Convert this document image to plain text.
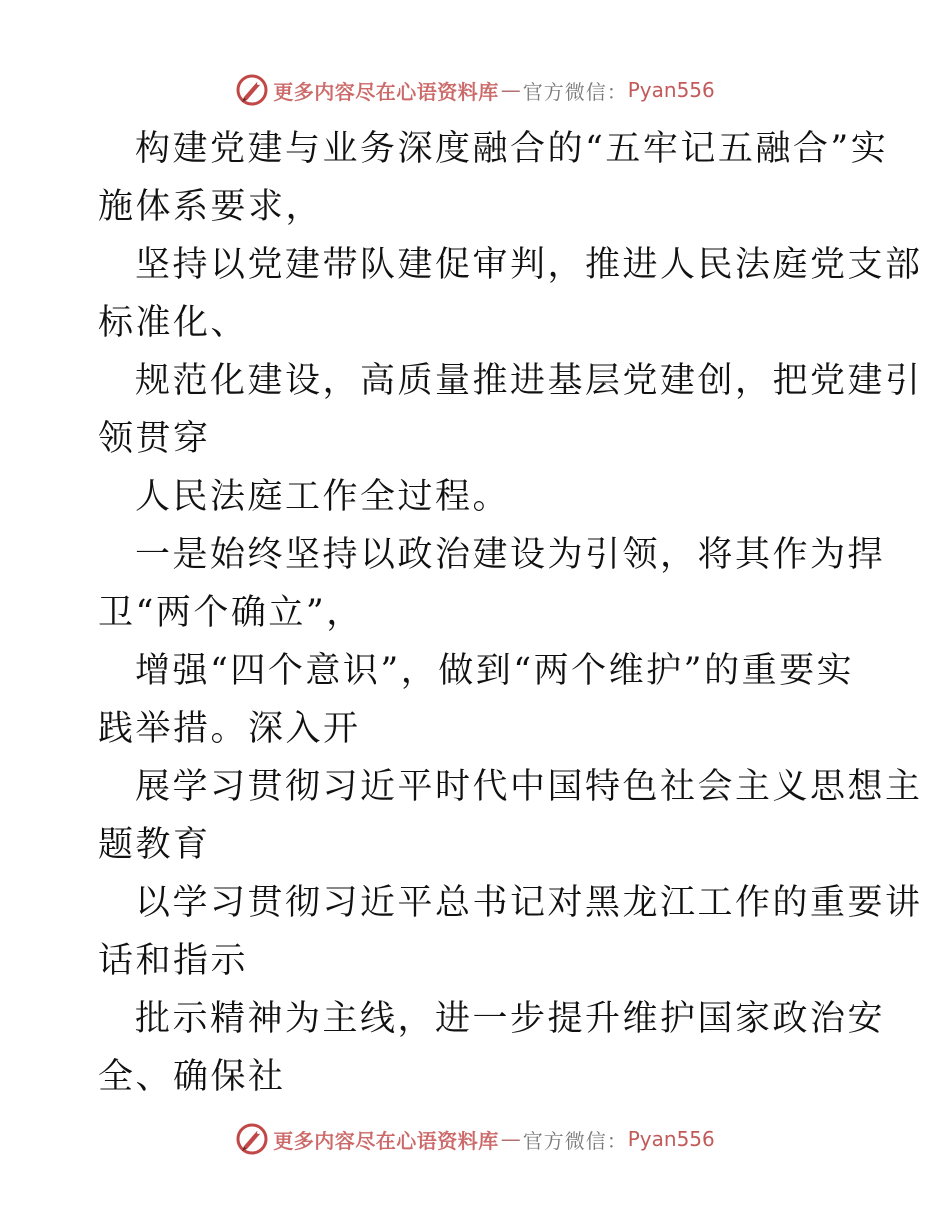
更多内容尽在心语资料库 — 官方微信： Pyan556
构建党建与业务深度融合的“五牢记五融合”实
施体系要求，
坚持以党建带队建促审判，推进人民法庭党支部
标准化、
规范化建设，高质量推进基层党建创，把党建引
领贯穿
人民法庭工作全过程。
一是始终坚持以政治建设为引领，将其作为捍
卫“两个确立”，
增强“四个意识”，做到“两个维护”的重要实
践举措。深入开
展学习贯彻习近平时代中国特色社会主义思想主
题教育
以学习贯彻习近平总书记对黑龙江工作的重要讲
话和指示
批示精神为主线，进一步提升维护国家政治安
全、确保社
更多内容尽在心语资料库 — 官方微信： Pyan556
